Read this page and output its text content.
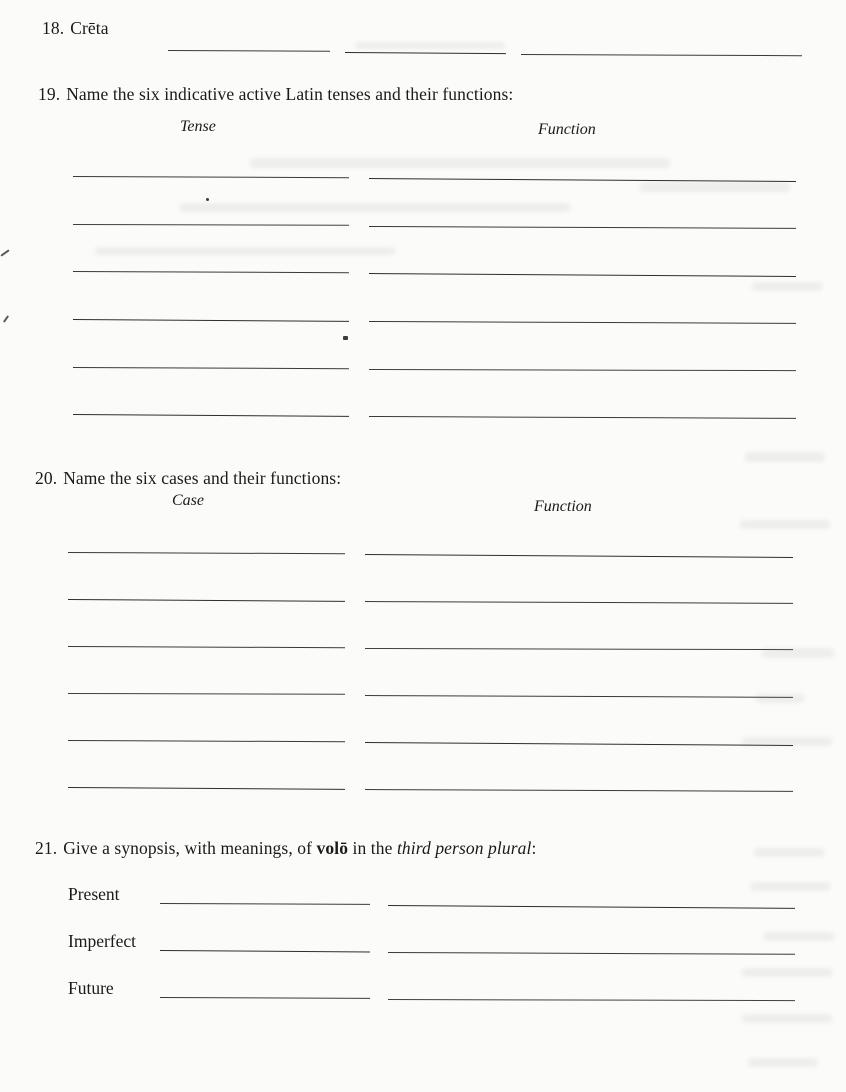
18. Crēta
19. Name the six indicative active Latin tenses and their functions:
Tense	Function
20. Name the six cases and their functions:
Case	Function
21. Give a synopsis, with meanings, of volō in the third person plural:
Present
Imperfect
Future
